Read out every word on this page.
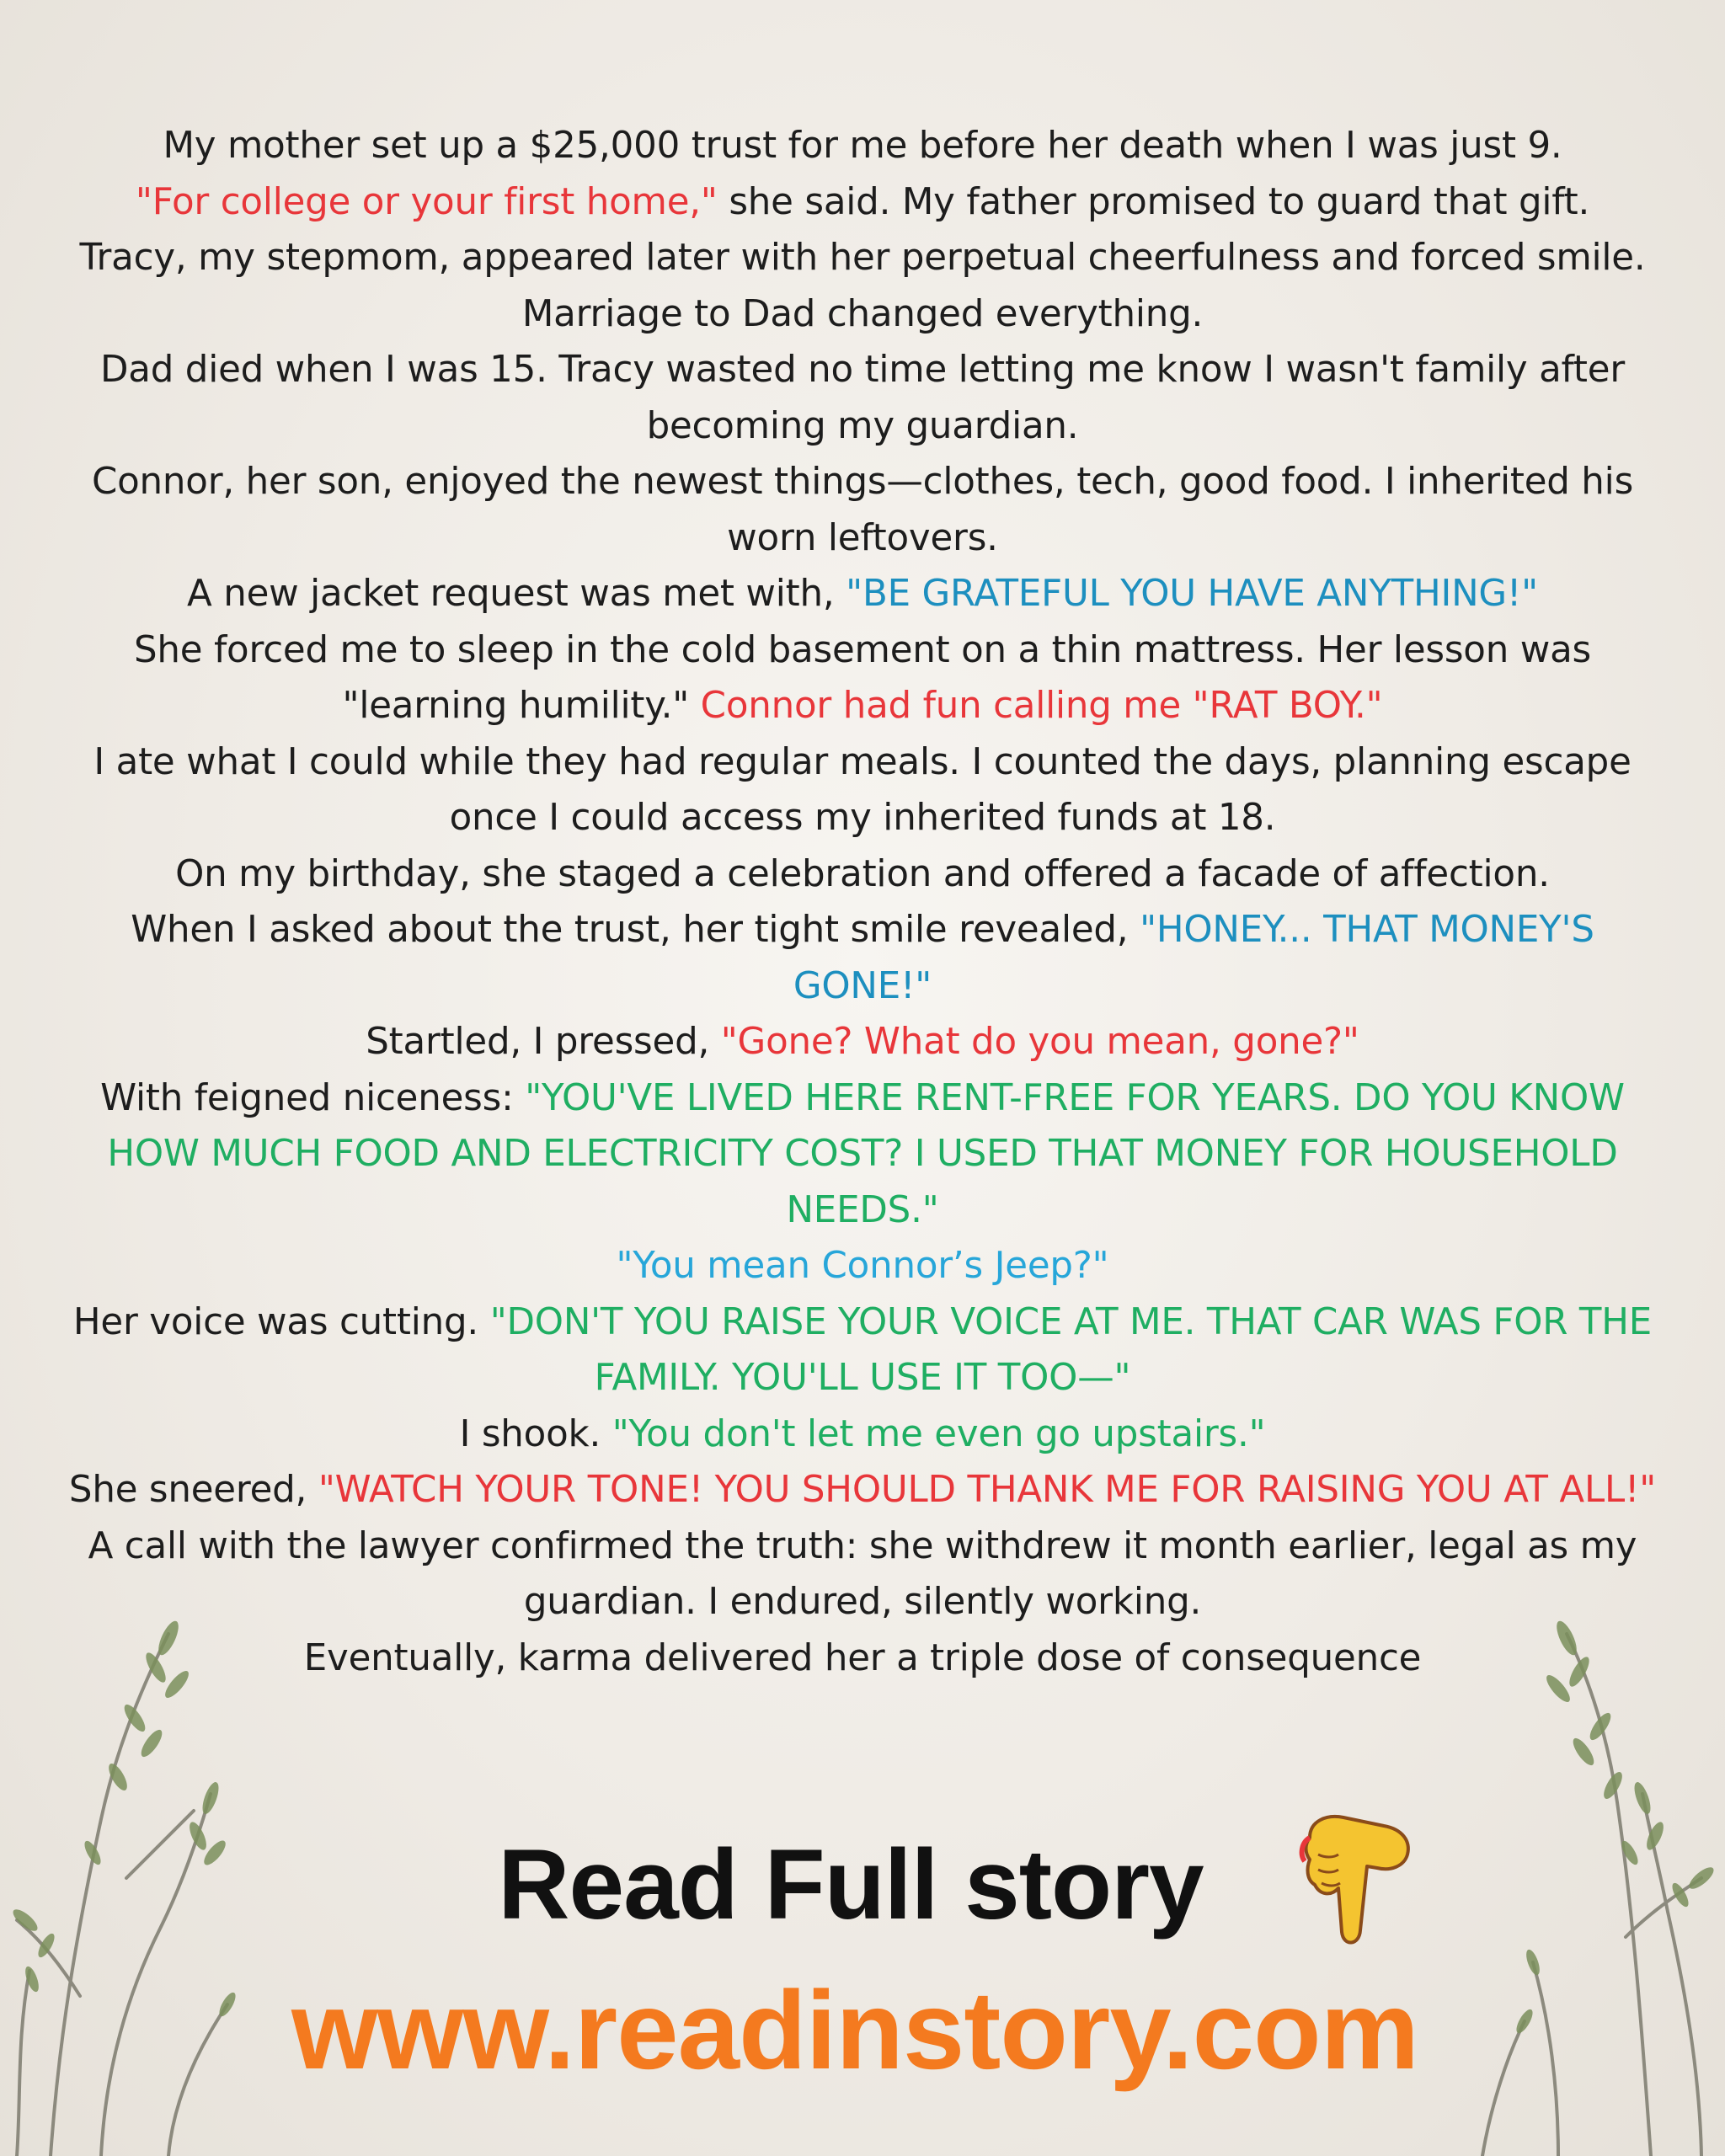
My mother set up a $25,000 trust for me before her death when I was just 9.

"For college or your first home," she said. My father promised to guard that gift.

Tracy, my stepmom, appeared later with her perpetual cheerfulness and forced smile. Marriage to Dad changed everything.

Dad died when I was 15. Tracy wasted no time letting me know I wasn't family after becoming my guardian.

Connor, her son, enjoyed the newest things—clothes, tech, good food. I inherited his worn leftovers.

A new jacket request was met with, "BE GRATEFUL YOU HAVE ANYTHING!"

She forced me to sleep in the cold basement on a thin mattress. Her lesson was "learning humility." Connor had fun calling me "RAT BOY."

I ate what I could while they had regular meals. I counted the days, planning escape once I could access my inherited funds at 18.

On my birthday, she staged a celebration and offered a facade of affection.

When I asked about the trust, her tight smile revealed, "HONEY... THAT MONEY'S GONE!"

Startled, I pressed, "Gone? What do you mean, gone?"

With feigned niceness: "YOU'VE LIVED HERE RENT-FREE FOR YEARS. DO YOU KNOW HOW MUCH FOOD AND ELECTRICITY COST? I USED THAT MONEY FOR HOUSEHOLD NEEDS."

"You mean Connor’s Jeep?"

Her voice was cutting. "DON'T YOU RAISE YOUR VOICE AT ME. THAT CAR WAS FOR THE FAMILY. YOU'LL USE IT TOO—"

I shook. "You don't let me even go upstairs."

She sneered, "WATCH YOUR TONE! YOU SHOULD THANK ME FOR RAISING YOU AT ALL!"

A call with the lawyer confirmed the truth: she withdrew it month earlier, legal as my guardian. I endured, silently working.

Eventually, karma delivered her a triple dose of consequence

Read Full story
www.readinstory.com
